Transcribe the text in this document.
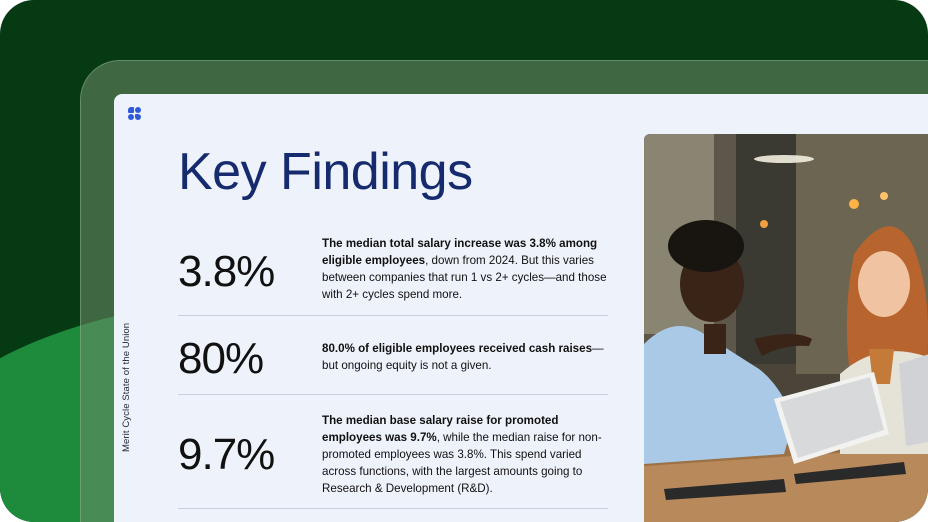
Merit Cycle State of the Union
Key Findings
3.8%
The median total salary increase was 3.8% among eligible employees, down from 2024. But this varies between companies that run 1 vs 2+ cycles—and those with 2+ cycles spend more.
80%	80.0% of eligible employees received cash raises—but ongoing equity is not a given.
9.7%
The median base salary raise for promoted employees was 9.7%, while the median raise for non-promoted employees was 3.8%. This spend varied across functions, with the largest amounts going to Research & Development (R&D).
